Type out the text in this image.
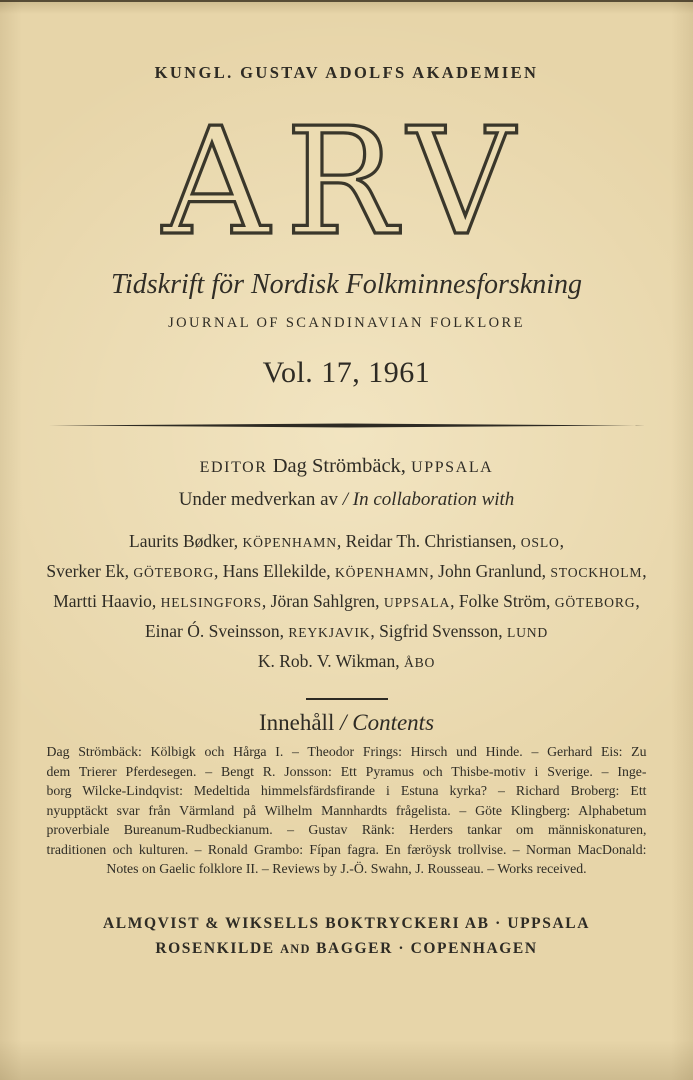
KUNGL. GUSTAV ADOLFS AKADEMIEN
ARV
Tidskrift för Nordisk Folkminnesforskning
JOURNAL OF SCANDINAVIAN FOLKLORE
Vol. 17, 1961
EDITOR Dag Strömbäck, UPPSALA
Under medverkan av / In collaboration with
Laurits Bødker, KÖPENHAMN, Reidar Th. Christiansen, OSLO,
Sverker Ek, GÖTEBORG, Hans Ellekilde, KÖPENHAMN, John Granlund, STOCKHOLM,
Martti Haavio, HELSINGFORS, Jöran Sahlgren, UPPSALA, Folke Ström, GÖTEBORG,
Einar Ó. Sveinsson, REYKJAVIK, Sigfrid Svensson, LUND
K. Rob. V. Wikman, ÅBO
Innehåll / Contents
Dag Strömbäck: Kölbigk och Hårga I. – Theodor Frings: Hirsch und Hinde. – Gerhard Eis: Zu
dem Trierer Pferdesegen. – Bengt R. Jonsson: Ett Pyramus och Thisbe-motiv i Sverige. – Inge-
borg Wilcke-Lindqvist: Medeltida himmelsfärdsfirande i Estuna kyrka? – Richard Broberg: Ett
nyupptäckt svar från Värmland på Wilhelm Mannhardts frågelista. – Göte Klingberg: Alphabetum
proverbiale Bureanum-Rudbeckianum. – Gustav Ränk: Herders tankar om människonaturen,
traditionen och kulturen. – Ronald Grambo: Fípan fagra. En færöysk trollvise. – Norman MacDonald:
Notes on Gaelic folklore II. – Reviews by J.-Ö. Swahn, J. Rousseau. – Works received.
ALMQVIST & WIKSELLS BOKTRYCKERI AB · UPPSALA
ROSENKILDE AND BAGGER · COPENHAGEN
